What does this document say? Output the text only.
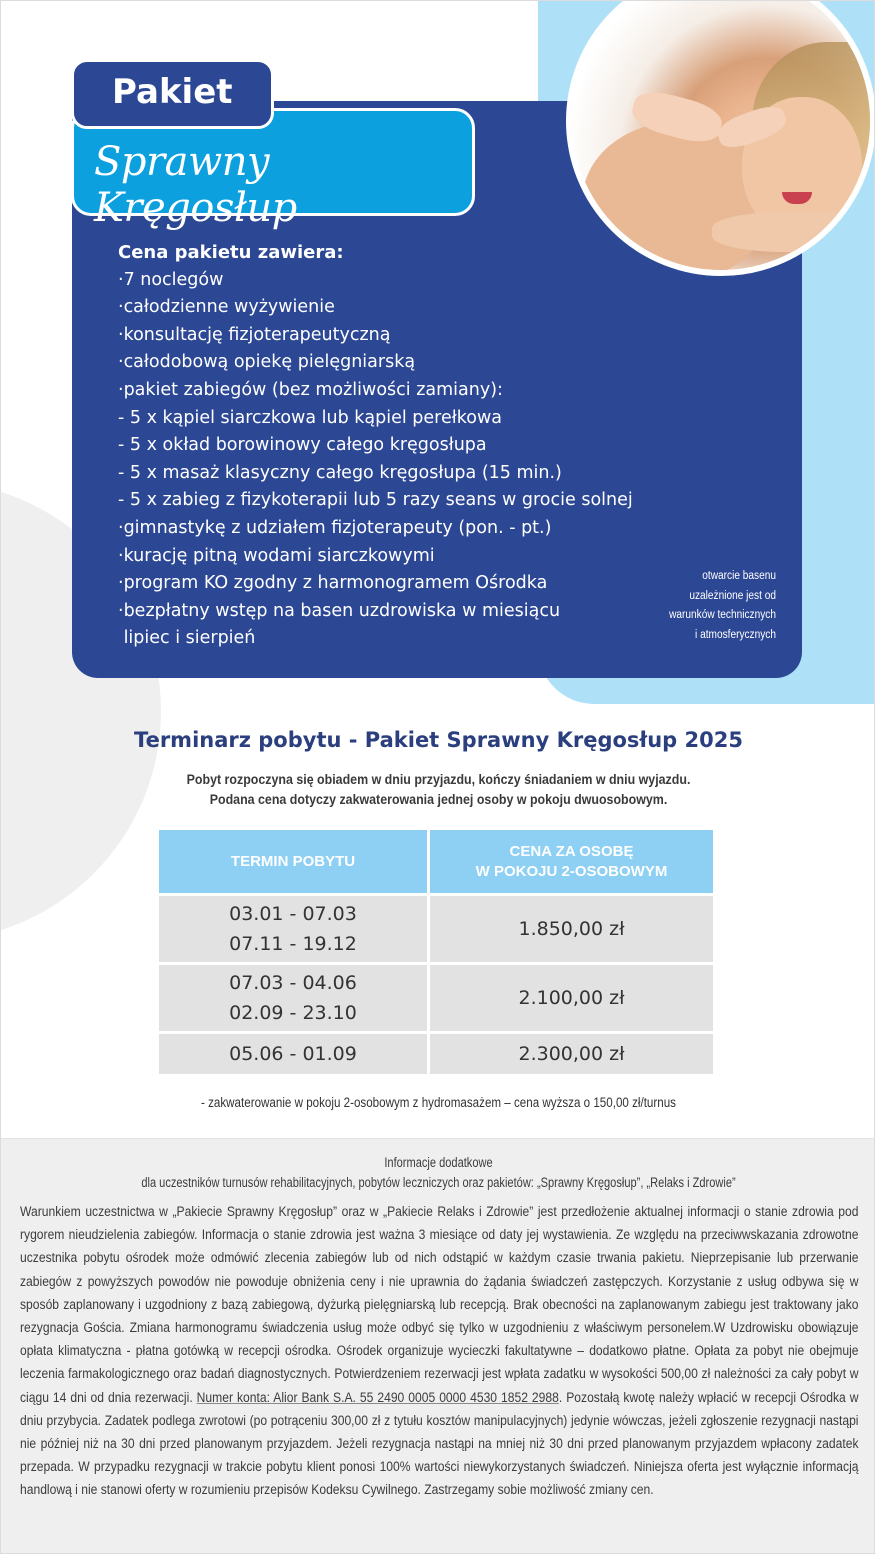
Pakiet
Sprawny Kręgosłup
Cena pakietu zawiera:
·7 noclegów
·całodzienne wyżywienie
·konsultację fizjoterapeutyczną
·całodobową opiekę pielęgniarską
·pakiet zabiegów (bez możliwości zamiany):
- 5 x kąpiel siarczkowa lub kąpiel perełkowa
- 5 x okład borowinowy całego kręgosłupa
- 5 x masaż klasyczny całego kręgosłupa (15 min.)
- 5 x zabieg z fizykoterapii lub 5 razy seans w grocie solnej
·gimnastykę z udziałem fizjoterapeuty (pon. - pt.)
·kurację pitną wodami siarczkowymi
·program KO zgodny z harmonogramem Ośrodka
·bezpłatny wstęp na basen uzdrowiska w miesiącu
lipiec i sierpień
otwarcie basenu
uzależnione jest od
warunków technicznych
i atmosferycznych
Terminarz pobytu - Pakiet Sprawny Kręgosłup 2025
Pobyt rozpoczyna się obiadem w dniu przyjazdu, kończy śniadaniem w dniu wyjazdu.
Podana cena dotyczy zakwaterowania jednej osoby w pokoju dwuosobowym.
TERMIN POBYTU	CENA ZA OSOBĘ
W POKOJU 2-OSOBOWYM

03.01 - 07.03
07.11 - 19.12	1.850,00 zł

07.03 - 04.06
02.09 - 23.10	2.100,00 zł

05.06 - 01.09	2.300,00 zł
- zakwaterowanie w pokoju 2-osobowym z hydromasażem – cena wyższa o 150,00 zł/turnus
Informacje dodatkowe
dla uczestników turnusów rehabilitacyjnych, pobytów leczniczych oraz pakietów: „Sprawny Kręgosłup”, „Relaks i Zdrowie”
Warunkiem uczestnictwa w „Pakiecie Sprawny Kręgosłup” oraz w „Pakiecie Relaks i Zdrowie” jest przedłożenie aktualnej informacji o stanie zdrowia pod rygorem nieudzielenia zabiegów. Informacja o stanie zdrowia jest ważna 3 miesiące od daty jej wystawienia. Ze względu na przeciwwskazania zdrowotne uczestnika pobytu ośrodek może odmówić zlecenia zabiegów lub od nich odstąpić w każdym czasie trwania pakietu. Nieprzepisanie lub przerwanie zabiegów z powyższych powodów nie powoduje obniżenia ceny i nie uprawnia do żądania świadczeń zastępczych. Korzystanie z usług odbywa się w sposób zaplanowany i uzgodniony z bazą zabiegową, dyżurką pielęgniarską lub recepcją. Brak obecności na zaplanowanym zabiegu jest traktowany jako rezygnacja Gościa. Zmiana harmonogramu świadczenia usług może odbyć się tylko w uzgodnieniu z właściwym personelem.W Uzdrowisku obowiązuje opłata klimatyczna - płatna gotówką w recepcji ośrodka. Ośrodek organizuje wycieczki fakultatywne – dodatkowo płatne. Opłata za pobyt nie obejmuje leczenia farmakologicznego oraz badań diagnostycznych. Potwierdzeniem rezerwacji jest wpłata zadatku w wysokości 500,00 zł należności za cały pobyt w ciągu 14 dni od dnia rezerwacji. Numer konta: Alior Bank S.A. 55 2490 0005 0000 4530 1852 2988. Pozostałą kwotę należy wpłacić w recepcji Ośrodka w dniu przybycia. Zadatek podlega zwrotowi (po potrąceniu 300,00 zł z tytułu kosztów manipulacyjnych) jedynie wówczas, jeżeli zgłoszenie rezygnacji nastąpi nie później niż na 30 dni przed planowanym przyjazdem. Jeżeli rezygnacja nastąpi na mniej niż 30 dni przed planowanym przyjazdem wpłacony zadatek przepada. W przypadku rezygnacji w trakcie pobytu klient ponosi 100% wartości niewykorzystanych świadczeń. Niniejsza oferta jest wyłącznie informacją handlową i nie stanowi oferty w rozumieniu przepisów Kodeksu Cywilnego. Zastrzegamy sobie możliwość zmiany cen.
